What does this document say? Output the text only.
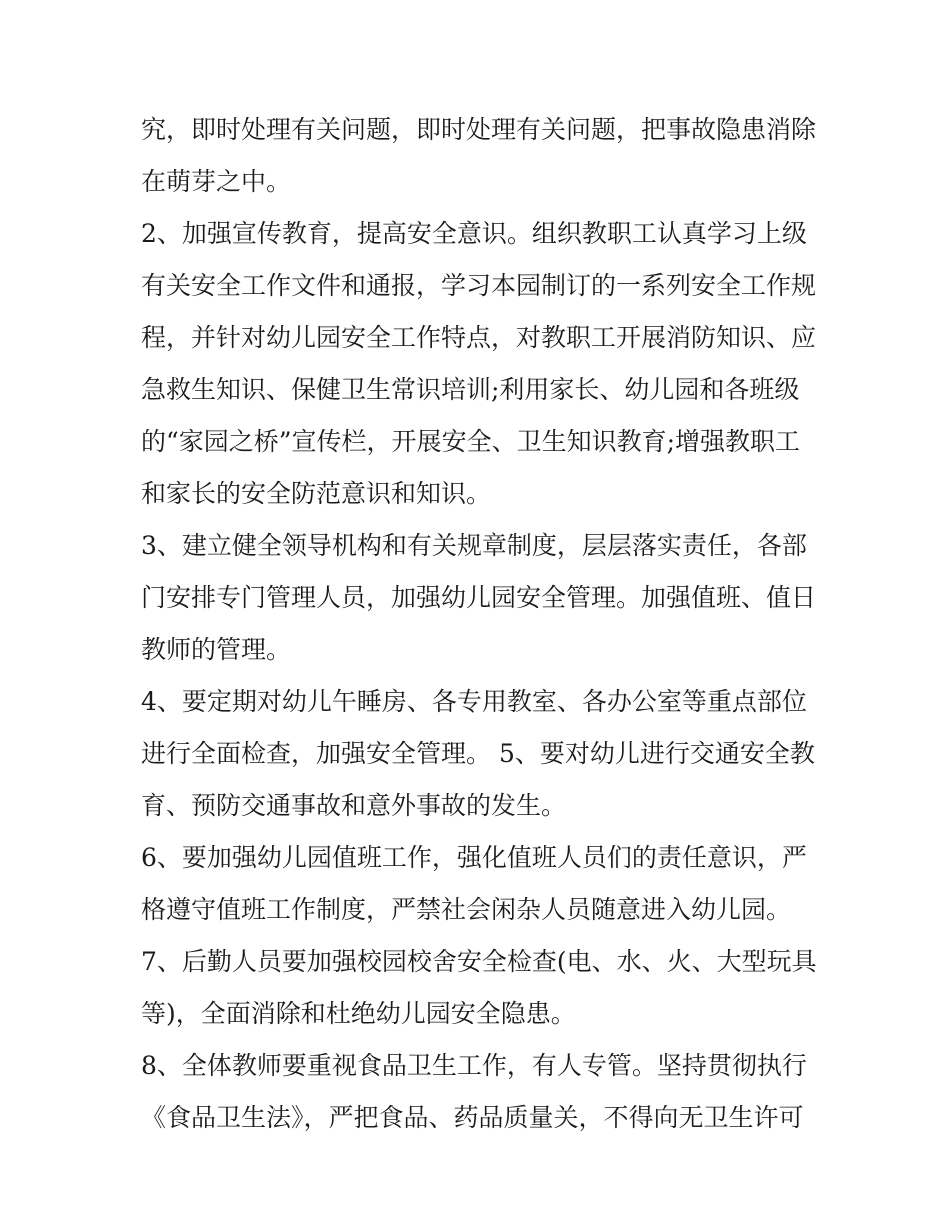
究，即时处理有关问题，即时处理有关问题，把事故隐患消除
在萌芽之中。
2、加强宣传教育，提高安全意识。组织教职工认真学习上级
有关安全工作文件和通报，学习本园制订的一系列安全工作规
程，并针对幼儿园安全工作特点，对教职工开展消防知识、应
急救生知识、保健卫生常识培训;利用家长、幼儿园和各班级
的“家园之桥”宣传栏，开展安全、卫生知识教育;增强教职工
和家长的安全防范意识和知识。
3、建立健全领导机构和有关规章制度，层层落实责任，各部
门安排专门管理人员，加强幼儿园安全管理。加强值班、值日
教师的管理。
4、要定期对幼儿午睡房、各专用教室、各办公室等重点部位
进行全面检查，加强安全管理。 5、要对幼儿进行交通安全教
育、预防交通事故和意外事故的发生。
6、要加强幼儿园值班工作，强化值班人员们的责任意识，严
格遵守值班工作制度，严禁社会闲杂人员随意进入幼儿园。
7、后勤人员要加强校园校舍安全检查(电、水、火、大型玩具
等)，全面消除和杜绝幼儿园安全隐患。
8、全体教师要重视食品卫生工作，有人专管。坚持贯彻执行
《食品卫生法》，严把食品、药品质量关，不得向无卫生许可
